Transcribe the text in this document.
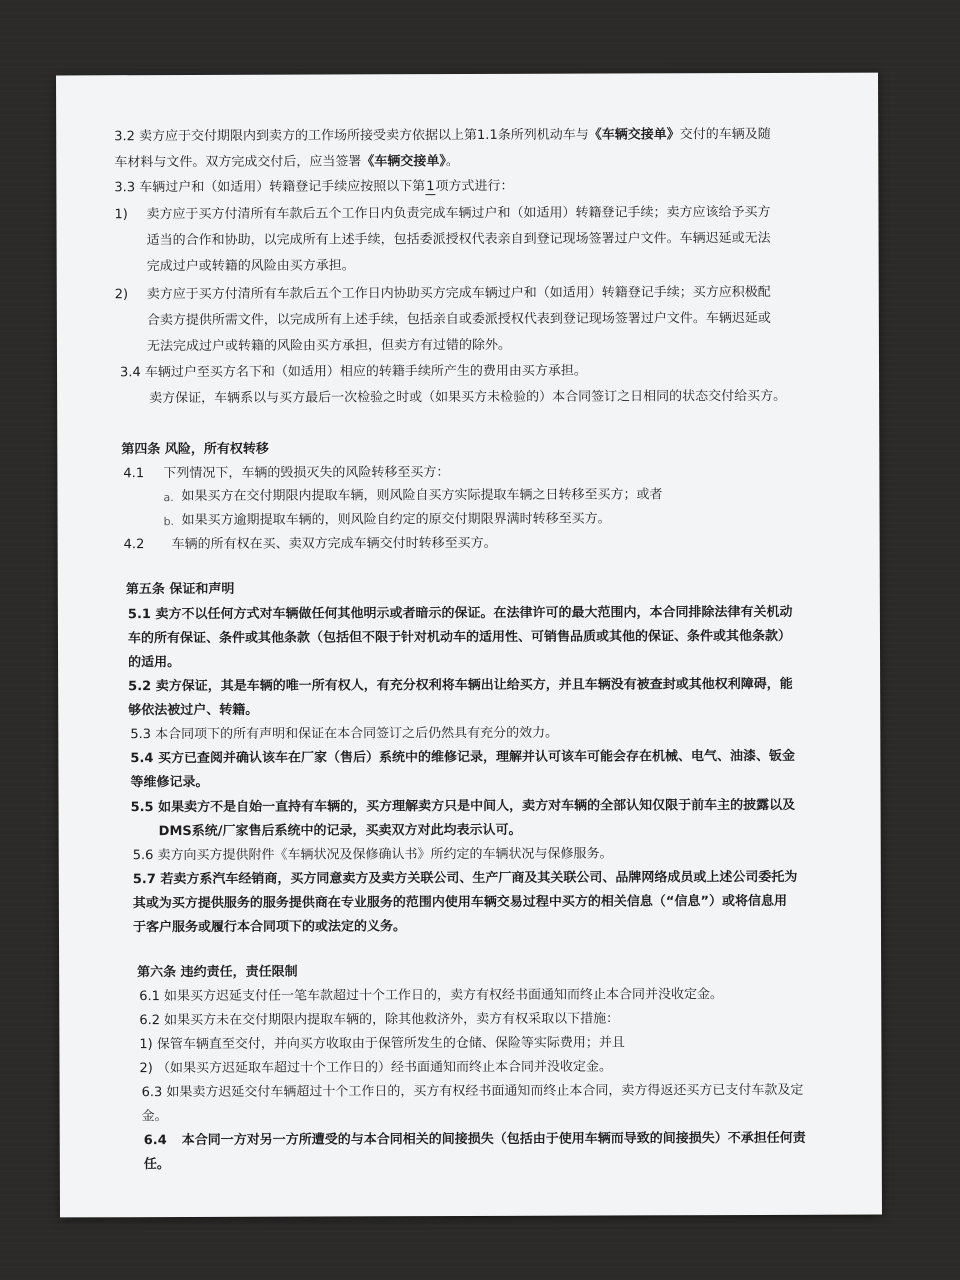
3.2 卖方应于交付期限内到卖方的工作场所接受卖方依据以上第1.1条所列机动车与《车辆交接单》交付的车辆及随
车材料与文件。双方完成交付后，应当签署《车辆交接单》。
3.3 车辆过户和（如适用）转籍登记手续应按照以下第1项方式进行：
1) 卖方应于买方付清所有车款后五个工作日内负责完成车辆过户和（如适用）转籍登记手续；卖方应该给予买方
适当的合作和协助，以完成所有上述手续，包括委派授权代表亲自到登记现场签署过户文件。车辆迟延或无法
完成过户或转籍的风险由买方承担。
2) 卖方应于买方付清所有车款后五个工作日内协助买方完成车辆过户和（如适用）转籍登记手续；买方应积极配
合卖方提供所需文件，以完成所有上述手续，包括亲自或委派授权代表到登记现场签署过户文件。车辆迟延或
无法完成过户或转籍的风险由买方承担，但卖方有过错的除外。
3.4 车辆过户至买方名下和（如适用）相应的转籍手续所产生的费用由买方承担。
卖方保证，车辆系以与买方最后一次检验之时或（如果买方未检验的）本合同签订之日相同的状态交付给买方。
第四条 风险，所有权转移
4.1 下列情况下，车辆的毁损灭失的风险转移至买方：
a. 如果买方在交付期限内提取车辆，则风险自买方实际提取车辆之日转移至买方；或者
b. 如果买方逾期提取车辆的，则风险自约定的原交付期限界满时转移至买方。
4.2 车辆的所有权在买、卖双方完成车辆交付时转移至买方。
第五条 保证和声明
5.1 卖方不以任何方式对车辆做任何其他明示或者暗示的保证。在法律许可的最大范围内，本合同排除法律有关机动
车的所有保证、条件或其他条款（包括但不限于针对机动车的适用性、可销售品质或其他的保证、条件或其他条款）
的适用。
5.2 卖方保证，其是车辆的唯一所有权人，有充分权利将车辆出让给买方，并且车辆没有被查封或其他权利障碍，能
够依法被过户、转籍。
5.3 本合同项下的所有声明和保证在本合同签订之后仍然具有充分的效力。
5.4 买方已查阅并确认该车在厂家（售后）系统中的维修记录，理解并认可该车可能会存在机械、电气、油漆、钣金
等维修记录。
5.5 如果卖方不是自始一直持有车辆的，买方理解卖方只是中间人，卖方对车辆的全部认知仅限于前车主的披露以及
DMS系统/厂家售后系统中的记录，买卖双方对此均表示认可。
5.6 卖方向买方提供附件《车辆状况及保修确认书》所约定的车辆状况与保修服务。
5.7 若卖方系汽车经销商，买方同意卖方及卖方关联公司、生产厂商及其关联公司、品牌网络成员或上述公司委托为
其或为买方提供服务的服务提供商在专业服务的范围内使用车辆交易过程中买方的相关信息（“信息”）或将信息用
于客户服务或履行本合同项下的或法定的义务。
第六条 违约责任，责任限制
6.1 如果买方迟延支付任一笔车款超过十个工作日的，卖方有权经书面通知而终止本合同并没收定金。
6.2 如果买方未在交付期限内提取车辆的，除其他救济外，卖方有权采取以下措施：
1) 保管车辆直至交付，并向买方收取由于保管所发生的仓储、保险等实际费用；并且
2) （如果买方迟延取车超过十个工作日的）经书面通知而终止本合同并没收定金。
6.3 如果卖方迟延交付车辆超过十个工作日的，买方有权经书面通知而终止本合同，卖方得返还买方已支付车款及定
金。
6.4 本合同一方对另一方所遭受的与本合同相关的间接损失（包括由于使用车辆而导致的间接损失）不承担任何责
任。
